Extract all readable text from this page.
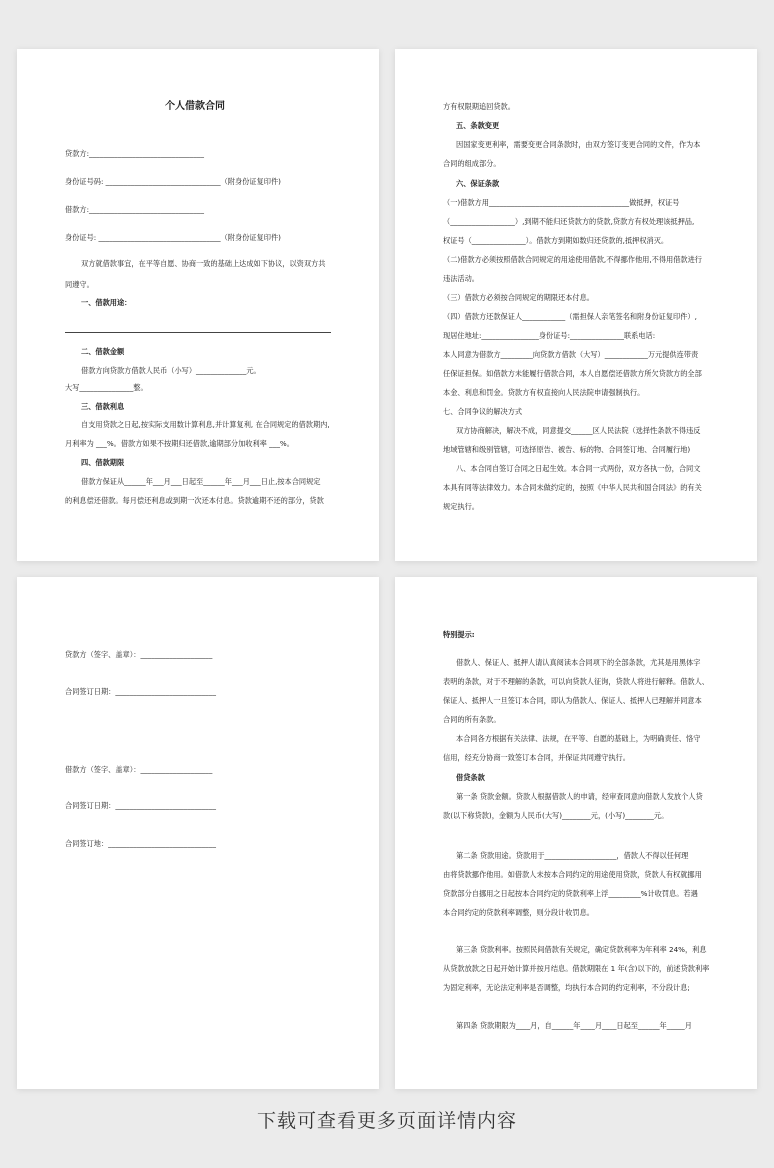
个人借款合同
贷款方:________________________________
身份证号码: ________________________________（附身份证复印件)
借款方:________________________________
身份证号: __________________________________（附身份证复印件)
双方就借款事宜，在平等自愿、协商一致的基础上达成如下协议，以资双方共
同遵守。
一、借款用途：
二、借款金额
借款方向贷款方借款人民币（小写）______________元。
大写_______________整。
三、借款利息
自支用贷款之日起,按实际支用数计算利息,并计算复利, 在合同规定的借款期内,
月利率为 ___%。借款方如果不按期归还借款,逾期部分加收利率 ___%。
四、借款期限
借款方保证从______年___月___日起至______年___月___日止,按本合同规定
的利息偿还借款。每月偿还利息或到期一次还本付息。贷款逾期不还的部分，贷款
方有权限期追回贷款。
五、条款变更
因国家变更利率，需要变更合同条款时，由双方签订变更合同的文件，作为本
合同的组成部分。
六、保证条款
（一)借款方用_______________________________________做抵押，权证号
（__________________）,到期不能归还贷款方的贷款,贷款方有权处理该抵押品,
权证号（_______________）。借款方到期如数归还贷款的,抵押权消灭。
（二)借款方必须按照借款合同规定的用途使用借款,不得挪作他用,不得用借款进行
违法活动。
（三）借款方必须按合同规定的期限还本付息。
（四）借款方还款保证人____________（需担保人亲笔签名和附身份证复印件）,
现居住地址:________________身份证号:_______________联系电话:
本人同意为借款方_________向贷款方借款（大写）____________万元提供连带责
任保证担保。如借款方未能履行借款合同，本人自愿偿还借款方所欠贷款方的全部
本金、利息和罚金。贷款方有权直接向人民法院申请强制执行。
七、合同争议的解决方式
双方协商解决，解决不成，同意提交______区人民法院（选择性条款不得违反
地域管辖和级别管辖，可选择原告、被告、标的物、合同签订地、合同履行地)
八、本合同自签订合同之日起生效。本合同一式两份，双方各执一份，合同文
本具有同等法律效力。本合同未做约定的，按照《中华人民共和国合同法》的有关
规定执行。
贷款方（签字、盖章）：____________________
合同签订日期：____________________________
借款方（签字、盖章）：____________________
合同签订日期：____________________________
合同签订地：______________________________
特别提示:
借款人、保证人、抵押人请认真阅读本合同项下的全部条款，尤其是用黑体字
表明的条款，对于不理解的条款，可以向贷款人征询，贷款人将进行解释。借款人、
保证人、抵押人一旦签订本合同，即认为借款人、保证人、抵押人已理解并同意本
合同的所有条款。
本合同各方根据有关法律、法规，在平等、自愿的基础上，为明确责任、恪守
信用，经充分协商一致签订本合同，并保证共同遵守执行。
借贷条款
第一条 贷款金额。贷款人根据借款人的申请，经审查同意向借款人发放个人贷
款(以下称贷款)，金额为人民币(大写)________元，(小写)________元。
第二条 贷款用途。贷款用于____________________，借款人不得以任何理
由将贷款挪作他用。如借款人未按本合同约定的用途使用贷款，贷款人有权就挪用
贷款部分自挪用之日起按本合同约定的贷款利率上浮_________%计收罚息。若遇
本合同约定的贷款利率调整，则分段计收罚息。
第三条 贷款利率。按照民间借款有关规定，确定贷款利率为年利率 24%，利息
从贷款放款之日起开始计算并按月结息。借款期限在 1 年(含)以下的，前述贷款利率
为固定利率，无论法定利率是否调整，均执行本合同的约定利率，不分段计息;
第四条 贷款期限为____月，自______年____月____日起至______年_____月
下载可查看更多页面详情内容
